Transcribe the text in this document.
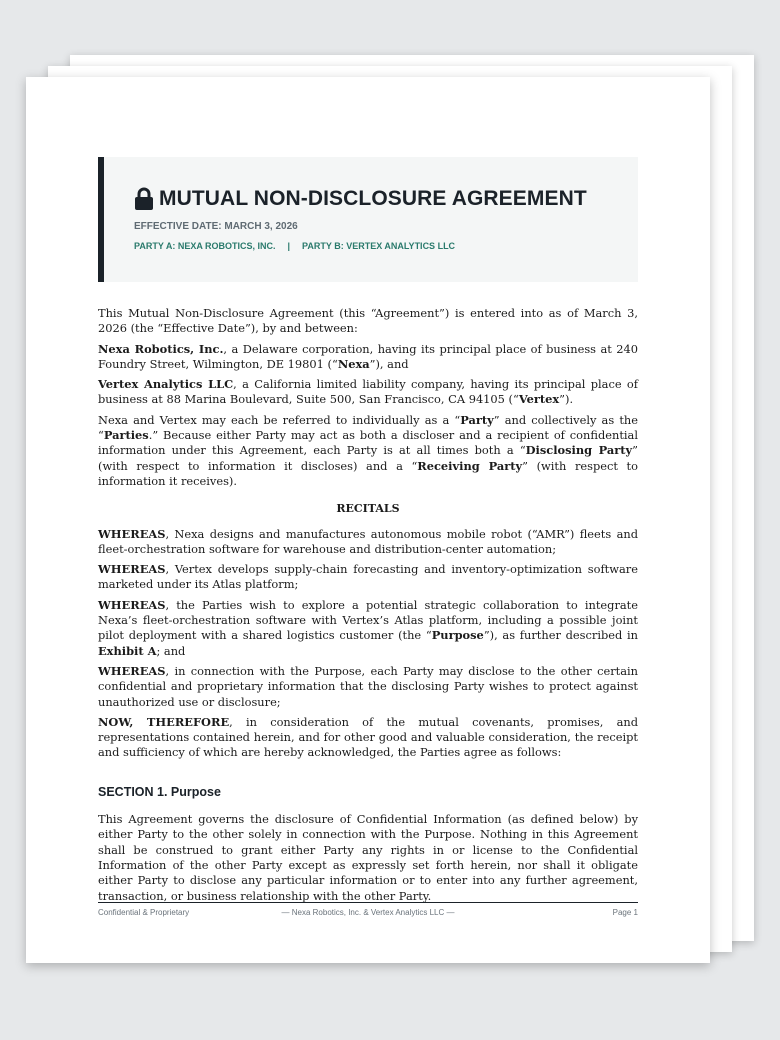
MUTUAL NON-DISCLOSURE AGREEMENT
EFFECTIVE DATE: MARCH 3, 2026
PARTY A: NEXA ROBOTICS, INC. | PARTY B: VERTEX ANALYTICS LLC

This Mutual Non-Disclosure Agreement (this “Agreement”) is entered into as of March 3, 2026 (the “Effective Date”), by and between:

Nexa Robotics, Inc., a Delaware corporation, having its principal place of business at 240 Foundry Street, Wilmington, DE 19801 (“Nexa”), and

Vertex Analytics LLC, a California limited liability company, having its principal place of business at 88 Marina Boulevard, Suite 500, San Francisco, CA 94105 (“Vertex”).

Nexa and Vertex may each be referred to individually as a “Party” and collectively as the “Parties.” Because either Party may act as both a discloser and a recipient of confidential information under this Agreement, each Party is at all times both a “Disclosing Party” (with respect to information it discloses) and a “Receiving Party” (with respect to information it receives).

RECITALS

WHEREAS, Nexa designs and manufactures autonomous mobile robot (“AMR”) fleets and fleet-orchestration software for warehouse and distribution-center automation;

WHEREAS, Vertex develops supply-chain forecasting and inventory-optimization software marketed under its Atlas platform;

WHEREAS, the Parties wish to explore a potential strategic collaboration to integrate Nexa’s fleet-orchestration software with Vertex’s Atlas platform, including a possible joint pilot deployment with a shared logistics customer (the “Purpose”), as further described in Exhibit A; and

WHEREAS, in connection with the Purpose, each Party may disclose to the other certain confidential and proprietary information that the disclosing Party wishes to protect against unauthorized use or disclosure;

NOW, THEREFORE, in consideration of the mutual covenants, promises, and representations contained herein, and for other good and valuable consideration, the receipt and sufficiency of which are hereby acknowledged, the Parties agree as follows:

SECTION 1. Purpose

This Agreement governs the disclosure of Confidential Information (as defined below) by either Party to the other solely in connection with the Purpose. Nothing in this Agreement shall be construed to grant either Party any rights in or license to the Confidential Information of the other Party except as expressly set forth herein, nor shall it obligate either Party to disclose any particular information or to enter into any further agreement, transaction, or business relationship with the other Party.

Confidential & Proprietary	— Nexa Robotics, Inc. & Vertex Analytics LLC —	Page 1
